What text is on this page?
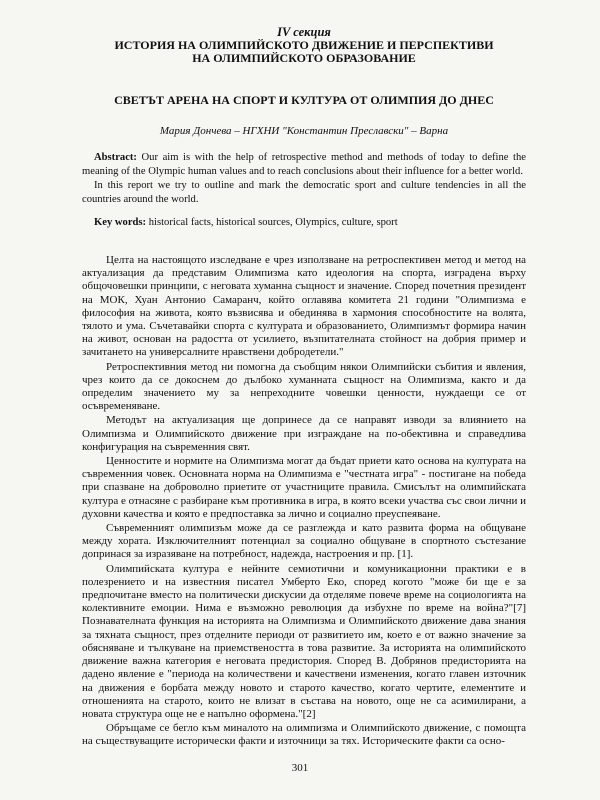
IV секция
ИСТОРИЯ НА ОЛИМПИЙСКОТО ДВИЖЕНИЕ И ПЕРСПЕКТИВИ
НА ОЛИМПИЙСКОТО ОБРАЗОВАНИЕ
СВЕТЪТ АРЕНА НА СПОРТ И КУЛТУРА ОТ ОЛИМПИЯ ДО ДНЕС
Мария Дончева – НГХНИ "Константин Преславски" – Варна

Abstract: Our aim is with the help of retrospective method and methods of today to define the meaning of the Olympic human values and to reach conclusions about their influence for a better world.

In this report we try to outline and mark the democratic sport and culture tendencies in all the countries around the world.

Key words: historical facts, historical sources, Olympics, culture, sport

Целта на настоящото изследване е чрез използване на ретроспективен метод и метод на актуализация да представим Олимпизма като идеология на спорта, изградена върху общочовешки принципи, с неговата хуманна същност и значение. Според почетния президент на МОК, Хуан Антонио Самаранч, който оглавява комитета 21 години "Олимпизма е философия на живота, която възвисява и обединява в хармония способностите на волята, тялото и ума. Съчетавайки спорта с културата и образованието, Олимпизмът формира начин на живот, основан на радостта от усилието, възпитателната стойност на добрия пример и зачитането на универсалните нравствени добродетели."

Ретроспективния метод ни помогна да съобщим някои Олимпийски събития и явления, чрез които да се докоснем до дълбоко хуманната същност на Олимпизма, както и да определим значението му за непреходните човешки ценности, нуждаещи се от осъвременяване.

Методът на актуализация ще допринесе да се направят изводи за влиянието на Олимпизма и Олимпийското движение при изграждане на по-обективна и справедлива конфигурация на съвременния свят.

Ценностите и нормите на Олимпизма могат да бъдат приети като основа на културата на съвременния човек. Основната норма на Олимпизма е "честната игра" - постигане на победа при спазване на доброволно приетите от участниците правила. Смисълът на олимпийската култура е отнасяне с разбиране към противника в игра, в която всеки участва със свои лични и духовни качества и която е предпоставка за лично и социално преуспеяване.

Съвременният олимпизъм може да се разглежда и като развита форма на общуване между хората. Изключителният потенциал за социално общуване в спортното състезание допринася за изразяване на потребност, надежда, настроения и пр. [1].

Олимпийската култура е нейните семиотични и комуникационни практики е в полезрението и на известния писател Умберто Еко, според когото "може би ще е за предпочитане вместо на политически дискусии да отделяме повече време на социологията на колективните емоции. Нима е възможно революция да избухне по време на война?"[7] Познавателната функция на историята на Олимпизма и Олимпийското движение дава знания за тяхната същност, през отделните периоди от развитието им, което е от важно значение за обясняване и тълкуване на приемствеността в това развитие. За историята на олимпийското движение важна категория е неговата предистория. Според В. Добрянов предисторията на дадено явление е "периода на количествени и качествени изменения, когато главен източник на движения е борбата между новото и старото качество, когато чертите, елементите и отношенията на старото, които не влизат в състава на новото, още не са асимилирани, а новата структура още не е напълно оформена."[2]

Обръщаме се бегло към миналото на олимпизма и Олимпийското движение, с помощта на съществуващите исторически факти и източници за тях. Историческите факти са осно-

301
